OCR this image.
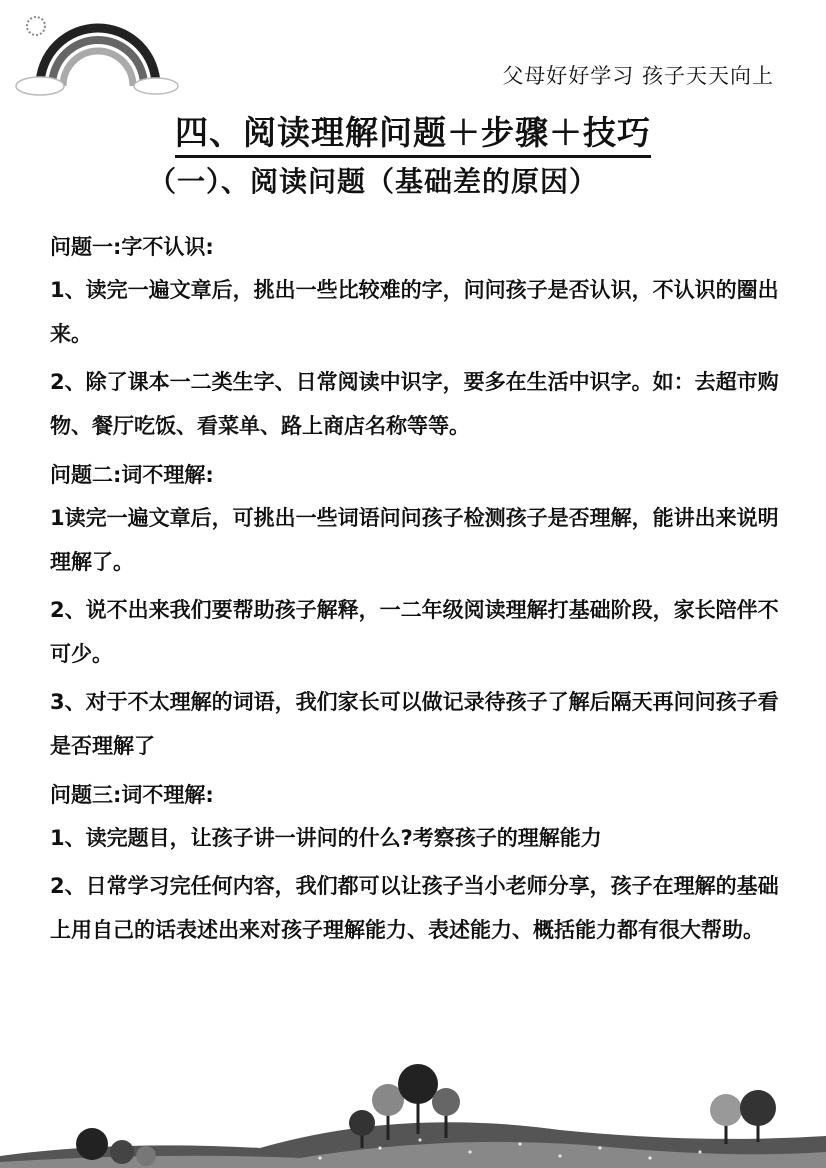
父母好好学习 孩子天天向上
四、阅读理解问题＋步骤＋技巧
（一）、阅读问题（基础差的原因）

问题一:字不认识:

1、读完一遍文章后，挑出一些比较难的字，问问孩子是否认识，不认识的圈出来。

2、除了课本一二类生字、日常阅读中识字，要多在生活中识字。如：去超市购物、餐厅吃饭、看菜单、路上商店名称等等。

问题二:词不理解:

1读完一遍文章后，可挑出一些词语问问孩子检测孩子是否理解，能讲出来说明理解了。

2、说不出来我们要帮助孩子解释，一二年级阅读理解打基础阶段，家长陪伴不可少。

3、对于不太理解的词语，我们家长可以做记录待孩子了解后隔天再问问孩子看是否理解了

问题三:词不理解:

1、读完题目，让孩子讲一讲问的什么?考察孩子的理解能力

2、日常学习完任何内容，我们都可以让孩子当小老师分享，孩子在理解的基础上用自己的话表述出来对孩子理解能力、表述能力、概括能力都有很大帮助。
